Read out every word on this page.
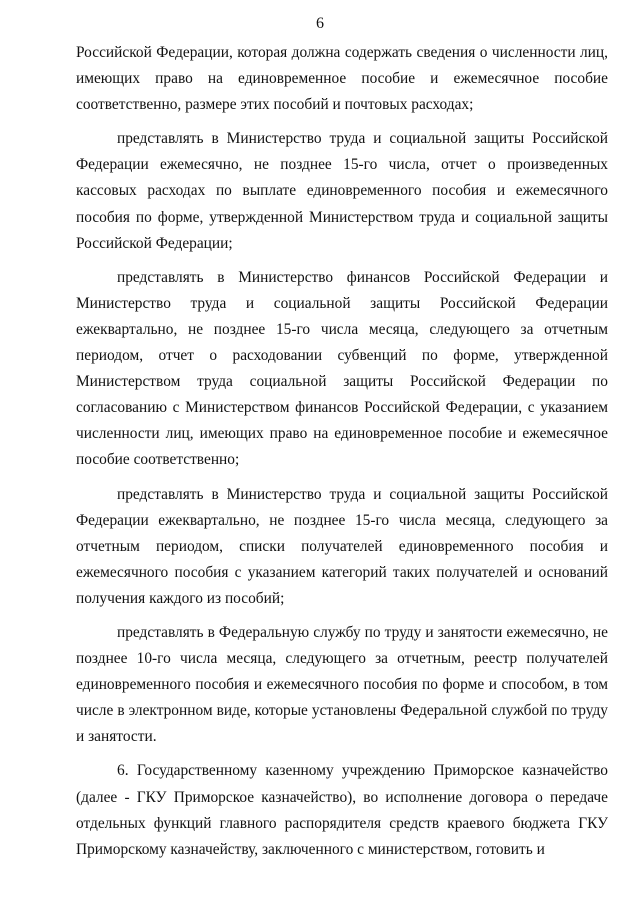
6

Российской Федерации, которая должна содержать сведения о численности лиц, имеющих право на единовременное пособие и ежемесячное пособие соответственно, размере этих пособий и почтовых расходах;

представлять в Министерство труда и социальной защиты Российской Федерации ежемесячно, не позднее 15-го числа, отчет о произведенных кассовых расходах по выплате единовременного пособия и ежемесячного пособия по форме, утвержденной Министерством труда и социальной защиты Российской Федерации;

представлять в Министерство финансов Российской Федерации и Министерство труда и социальной защиты Российской Федерации ежеквартально, не позднее 15-го числа месяца, следующего за отчетным периодом, отчет о расходовании субвенций по форме, утвержденной Министерством труда социальной защиты Российской Федерации по согласованию с Министерством финансов Российской Федерации, с указанием численности лиц, имеющих право на единовременное пособие и ежемесячное пособие соответственно;

представлять в Министерство труда и социальной защиты Российской Федерации ежеквартально, не позднее 15-го числа месяца, следующего за отчетным периодом, списки получателей единовременного пособия и ежемесячного пособия с указанием категорий таких получателей и оснований получения каждого из пособий;

представлять в Федеральную службу по труду и занятости ежемесячно, не позднее 10-го числа месяца, следующего за отчетным, реестр получателей единовременного пособия и ежемесячного пособия по форме и способом, в том числе в электронном виде, которые установлены Федеральной службой по труду и занятости.

6. Государственному казенному учреждению Приморское казначейство (далее - ГКУ Приморское казначейство), во исполнение договора о передаче отдельных функций главного распорядителя средств краевого бюджета ГКУ Приморскому казначейству, заключенного с министерством, готовить и
